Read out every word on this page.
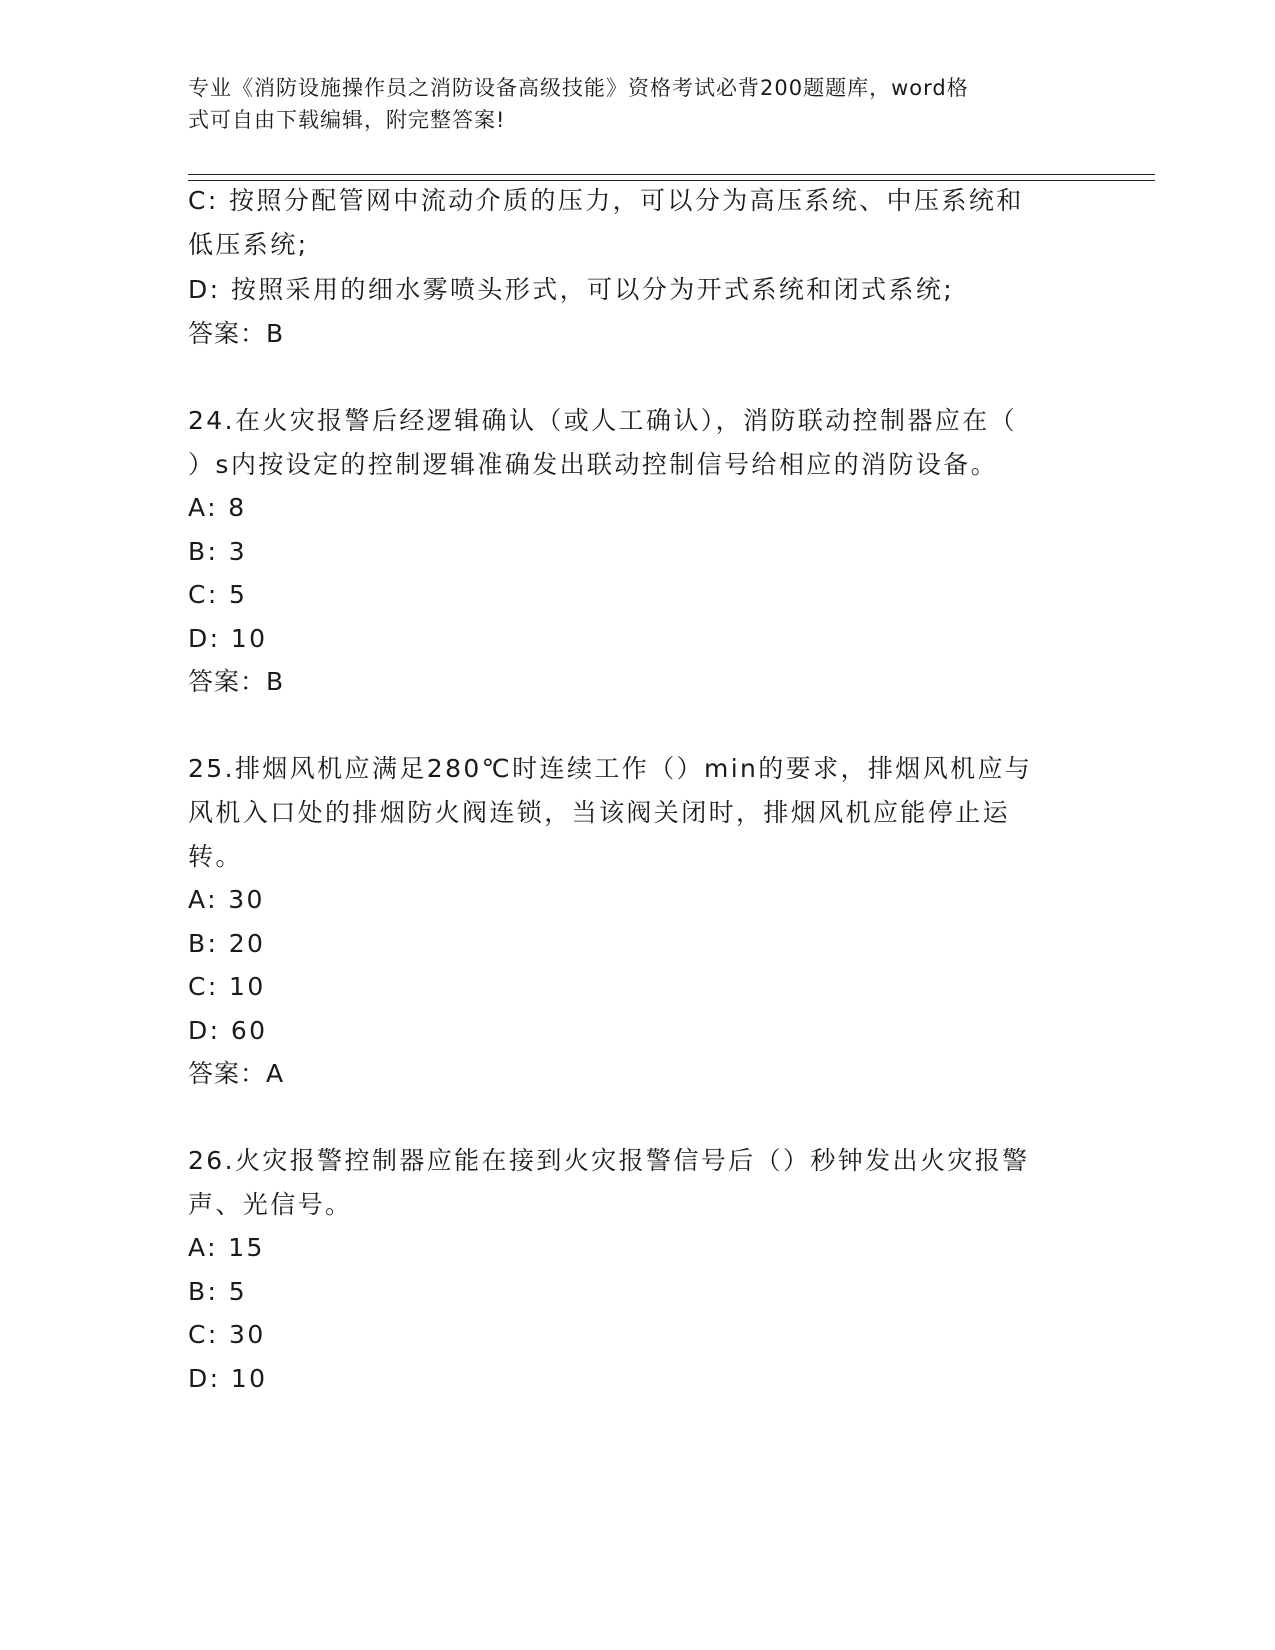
专业《消防设施操作员之消防设备高级技能》资格考试必背200题题库，word格
式可自由下载编辑，附完整答案!
C: 按照分配管网中流动介质的压力，可以分为高压系统、中压系统和
低压系统;
D: 按照采用的细水雾喷头形式，可以分为开式系统和闭式系统;
答案：B
24.在火灾报警后经逻辑确认（或人工确认），消防联动控制器应在（
）s内按设定的控制逻辑准确发出联动控制信号给相应的消防设备。
A: 8
B: 3
C: 5
D: 10
答案：B
25.排烟风机应满足280℃时连续工作（）min的要求，排烟风机应与
风机入口处的排烟防火阀连锁，当该阀关闭时，排烟风机应能停止运
转。
A: 30
B: 20
C: 10
D: 60
答案：A
26.火灾报警控制器应能在接到火灾报警信号后（）秒钟发出火灾报警
声、光信号。
A: 15
B: 5
C: 30
D: 10
